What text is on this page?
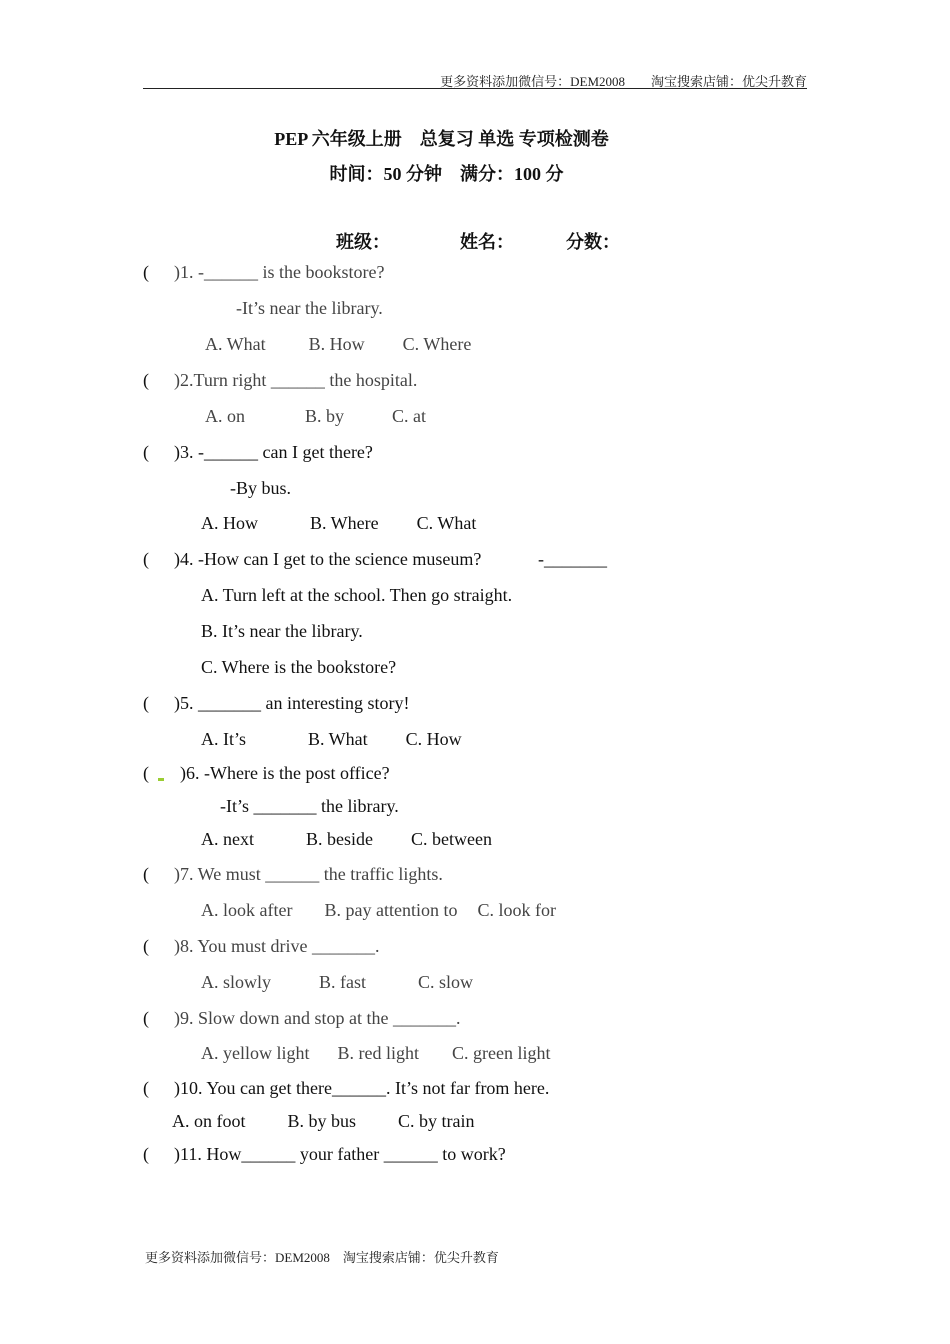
更多资料添加微信号：DEM2008　　淘宝搜索店铺：优尖升教育
PEP 六年级上册　总复习 单选 专项检测卷
时间：50 分钟　满分：100 分
班级：	姓名：	分数：
( )1. -______ is the bookstore?
-It’s near the library.
A. What B. How C. Where
( )2.Turn right ______ the hospital.
A. on	B. by	C. at
( )3. -______ can I get there?
-By bus.
A. How	B. Where C. What
( )4. -How can I get to the science museum?	-_______
A. Turn left at the school. Then go straight.
B. It’s near the library.
C. Where is the bookstore?
( )5. _______ an interesting story!
A. It’s	B. What C. How
( )6. -Where is the post office?
-It’s _______ the library.
A. next	B. beside C. between
( )7. We must ______ the traffic lights.
A. look after B. pay attention to C. look for
( )8. You must drive _______.
A. slowly	B. fast	C. slow
( )9. Slow down and stop at the _______.
A. yellow light B. red light C. green light
( )10. You can get there______. It’s not far from here.
A. on foot B. by bus C. by train
( )11. How______ your father ______ to work?
更多资料添加微信号：DEM2008　淘宝搜索店铺：优尖升教育
